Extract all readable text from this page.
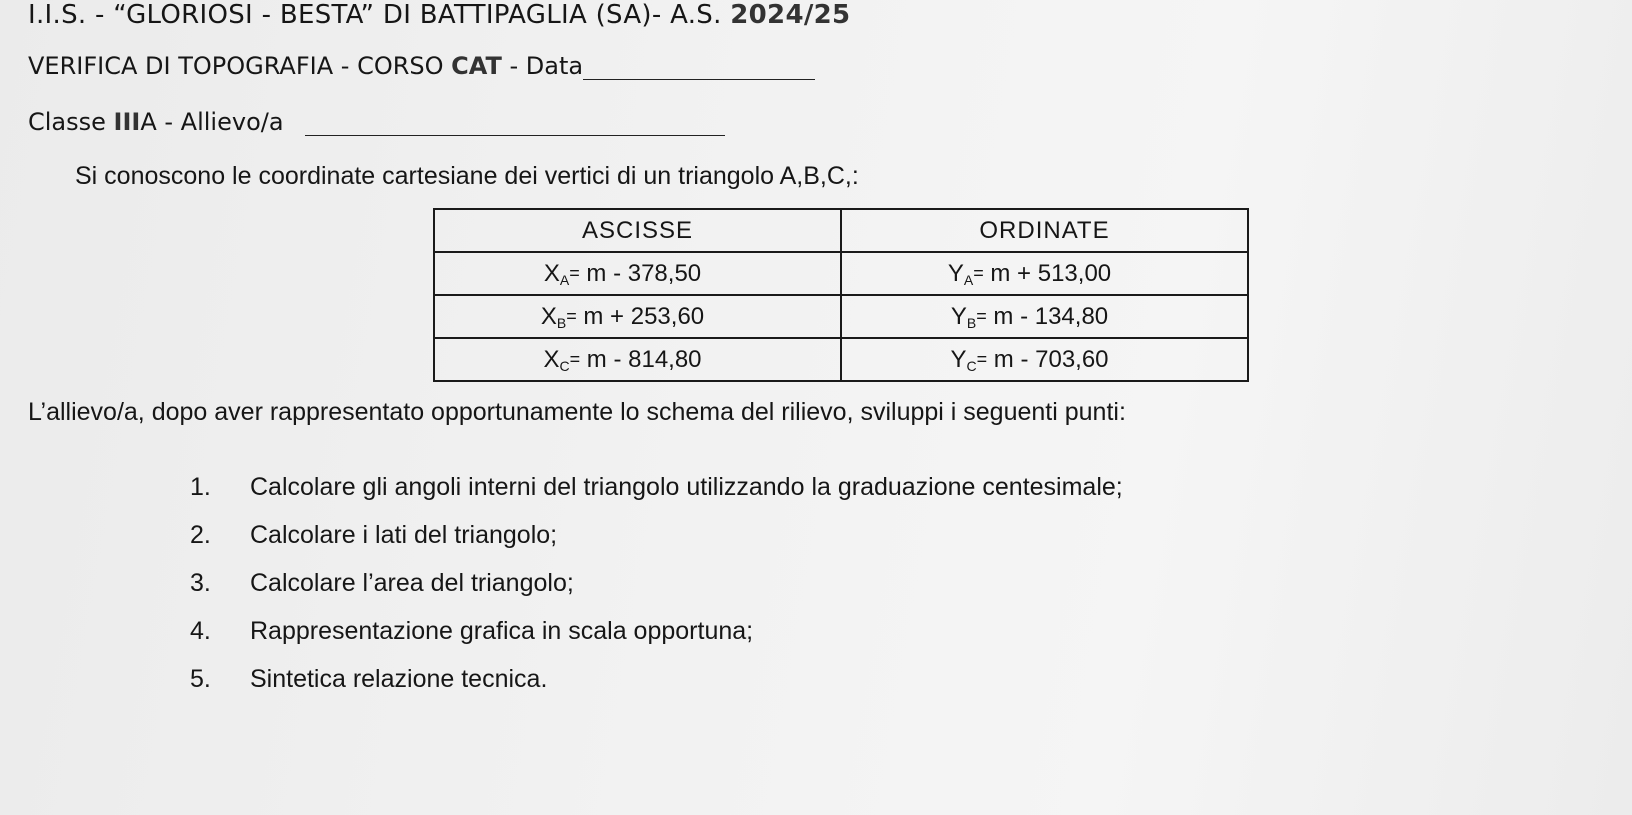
I.I.S. - “GLORIOSI - BESTA” DI BATTIPAGLIA (SA)- A.S. 2024/25
VERIFICA DI TOPOGRAFIA - CORSO CAT - Data
Classe IIIA - Allievo/a
Si conoscono le coordinate cartesiane dei vertici di un triangolo A,B,C,:
ASCISSE	ORDINATE
$X_A= m - 378,50$	$Y_A= m + 513,00$
$X_B= m + 253,60$	$Y_B= m - 134,80$
$X_C= m - 814,80$	$Y_C= m - 703,60$
L’allievo/a, dopo aver rappresentato opportunamente lo schema del rilievo, sviluppi i seguenti punti:
1. Calcolare gli angoli interni del triangolo utilizzando la graduazione centesimale;
2. Calcolare i lati del triangolo;
3. Calcolare l’area del triangolo;
4. Rappresentazione grafica in scala opportuna;
5. Sintetica relazione tecnica.
